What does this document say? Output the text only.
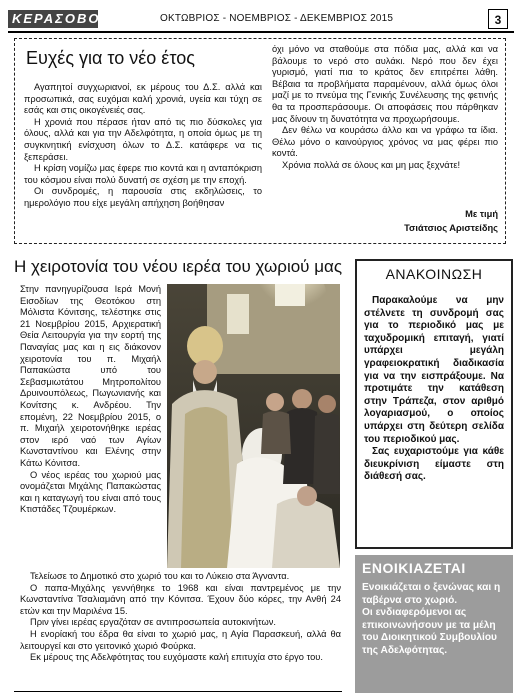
ΚΕΡΑΣΟΒΟ	ΟΚΤΩΒΡΙΟΣ - ΝΟΕΜΒΡΙΟΣ - ΔΕΚΕΜΒΡΙΟΣ 2015	3
Ευχές για το νέο έτος

Αγαπητοί συγχωριανοί, εκ μέρους του Δ.Σ. αλλά και προσωπικά, σας ευχόμαι καλή χρονιά, υγεία και τύχη σε εσάς και στις οικογένειές σας.

Η χρονιά που πέρασε ήταν από τις πιο δύσκολες για όλους, αλλά και για την Αδελφότητα, η οποία όμως με τη συγκινητική ενίσχυση όλων το Δ.Σ. κατάφερε να τις ξεπεράσει.

Η κρίση νομίζω μας έφερε πιο κοντά και η ανταπόκριση του κόσμου είναι πολύ δυνατή σε σχέση με την εποχή.

Οι συνδρομές, η παρουσία στις εκδηλώσεις, το ημερολόγιο που είχε μεγάλη απήχηση βοήθησαν

όχι μόνο να σταθούμε στα πόδια μας, αλλά και να βάλουμε το νερό στο αυλάκι. Νερό που δεν έχει γυρισμό, γιατί πια το κράτος δεν επιτρέπει λάθη. Βέβαια τα προβλήματα παραμένουν, αλλά όμως όλοι μαζί με το πνεύμα της Γενικής Συνέλευσης της φετινής θα τα προσπεράσουμε. Οι αποφάσεις που πάρθηκαν μας δίνουν τη δυνατότητα να προχωρήσουμε.

Δεν θέλω να κουράσω άλλο και να γράφω τα ίδια. Θέλω μόνο ο καινούργιος χρόνος να μας φέρει πιο κοντά.

Χρόνια πολλά σε όλους και μη μας ξεχνάτε!

Με τιμή
Τσιάτσιος Αριστείδης
Η χειροτονία του νέου ιερέα του χωριού μας

Στην πανηγυρίζουσα Ιερά Μονή Εισοδίων της Θεοτόκου στη Μόλιστα Κόνιτσης, τελέστηκε στις 21 Νοεμβρίου 2015, Αρχιερατική Θεία Λειτουργία για την εορτή της Παναγίας μας και η εις διάκονον χειροτονία του π. Μιχαήλ Παπακώστα υπό του Σεβασμιωτάτου Μητροπολίτου Δρυινουπόλεως, Πωγωνιανής και Κονίτσης κ. Ανδρέου. Την επομένη, 22 Νοεμβρίου 2015, ο π. Μιχαήλ χειροτονήθηκε ιερέας στον ιερό ναό των Αγίων Κωνσταντίνου και Ελένης στην Κάτω Κόνιτσα.

Ο νέος ιερέας του χωριού μας ονομάζεται Μιχάλης Παπακώστας και η καταγωγή του είναι από τους Κτιστάδες Τζουμέρκων.

Τελείωσε το Δημοτικό στο χωριό του και το Λύκειο στα Άγναντα.

Ο παπα-Μιχάλης γεννήθηκε το 1968 και είναι παντρεμένος με την Κωνσταντίνα Τσαλιαμάνη από την Κόνιτσα. Έχουν δύο κόρες, την Ανθή 24 ετών και την Μαριλένα 15.

Πριν γίνει ιερέας εργαζόταν σε αντιπροσωπεία αυτοκινήτων.

Η ενορίακή του έδρα θα είναι το χωριό μας, η Αγία Παρασκευή, αλλά θα λειτουργεί και στο γειτονικό χωριό Φούρκα.

Εκ μέρους της Αδελφότητας του ευχόμαστε καλή επιτυχία στο έργο του.

ΑΝΑΚΟΙΝΩΣΗ

Παρακαλούμε να μην στέλνετε τη συνδρομή σας για το περιοδικό μας με ταχυδρομική επιταγή, γιατί υπάρχει μεγάλη γραφειοκρατική διαδικασία για να την εισπράξουμε. Να προτιμάτε την κατάθεση στην Τράπεζα, στον αριθμό λογαριασμού, ο οποίος υπάρχει στη δεύτερη σελίδα του περιοδικού μας.

Σας ευχαριστούμε για κάθε διευκρίνιση είμαστε στη διάθεσή σας.

ΕΝΟΙΚΙΑΖΕΤΑΙ

Ενοικιάζεται ο ξενώνας και η ταβέρνα στο χωριό.

Οι ενδιαφερόμενοι ας επικοινωνήσουν με τα μέλη του Διοικητικού Συμβουλίου της Αδελφότητας.
